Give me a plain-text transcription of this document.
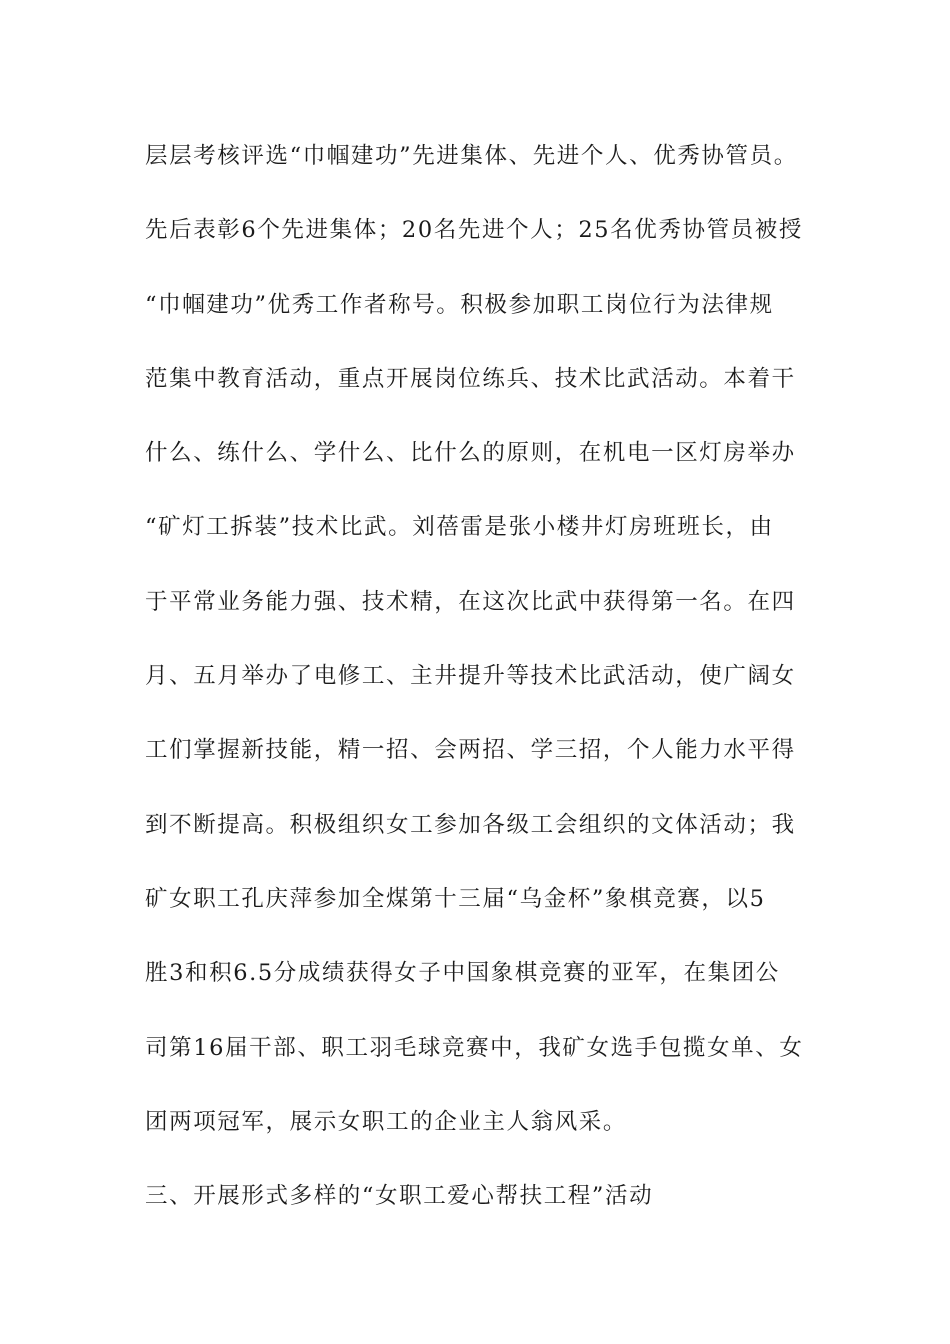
层层考核评选“巾帼建功”先进集体、先进个人、优秀协管员。
先后表彰6个先进集体；20名先进个人；25名优秀协管员被授
“巾帼建功”优秀工作者称号。积极参加职工岗位行为法律规
范集中教育活动，重点开展岗位练兵、技术比武活动。本着干
什么、练什么、学什么、比什么的原则，在机电一区灯房举办
“矿灯工拆装”技术比武。刘蓓雷是张小楼井灯房班班长，由
于平常业务能力强、技术精，在这次比武中获得第一名。在四
月、五月举办了电修工、主井提升等技术比武活动，使广阔女
工们掌握新技能，精一招、会两招、学三招，个人能力水平得
到不断提高。积极组织女工参加各级工会组织的文体活动；我
矿女职工孔庆萍参加全煤第十三届“乌金杯”象棋竞赛，以5
胜3和积6.5分成绩获得女子中国象棋竞赛的亚军，在集团公
司第16届干部、职工羽毛球竞赛中，我矿女选手包揽女单、女
团两项冠军，展示女职工的企业主人翁风采。
三、开展形式多样的“女职工爱心帮扶工程”活动
